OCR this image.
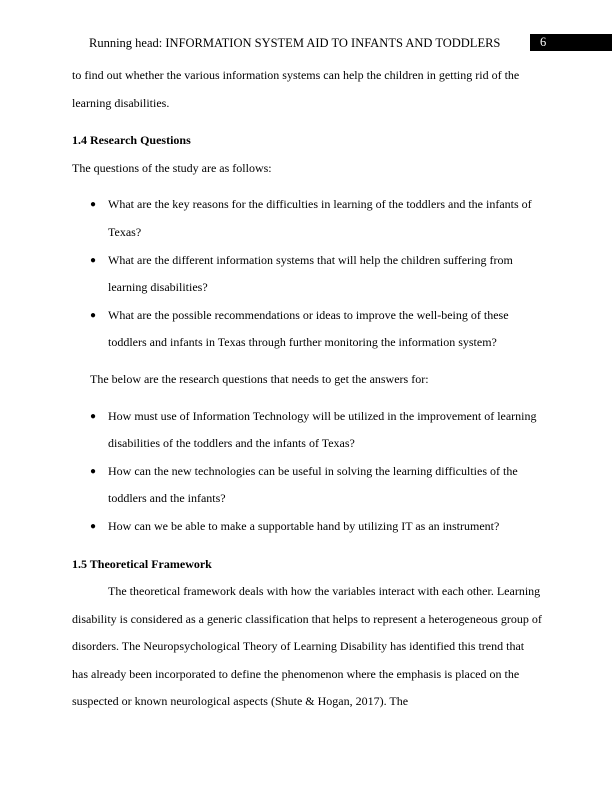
Running head: INFORMATION SYSTEM AID TO INFANTS AND TODDLERS	6

to find out whether the various information systems can help the children in getting rid of the learning disabilities.

1.4 Research Questions

The questions of the study are as follows:

● What are the key reasons for the difficulties in learning of the toddlers and the infants of Texas?
● What are the different information systems that will help the children suffering from learning disabilities?
● What are the possible recommendations or ideas to improve the well-being of these toddlers and infants in Texas through further monitoring the information system?

The below are the research questions that needs to get the answers for:

● How must use of Information Technology will be utilized in the improvement of learning disabilities of the toddlers and the infants of Texas?
● How can the new technologies can be useful in solving the learning difficulties of the toddlers and the infants?
● How can we be able to make a supportable hand by utilizing IT as an instrument?

1.5 Theoretical Framework

The theoretical framework deals with how the variables interact with each other. Learning disability is considered as a generic classification that helps to represent a heterogeneous group of disorders. The Neuropsychological Theory of Learning Disability has identified this trend that has already been incorporated to define the phenomenon where the emphasis is placed on the suspected or known neurological aspects (Shute & Hogan, 2017). The
